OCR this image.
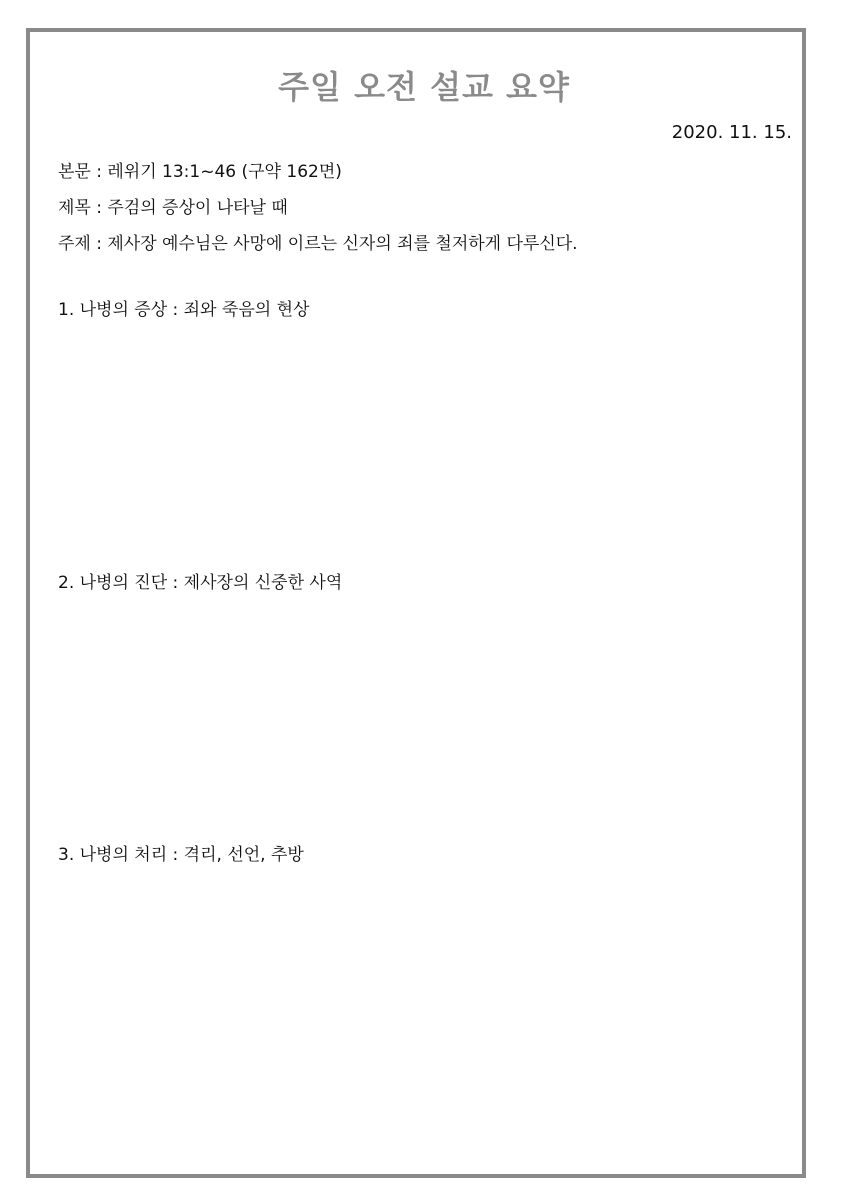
주일 오전 설교 요약
2020. 11. 15.
본문 : 레위기 13:1~46 (구약 162면)
제목 : 주검의 증상이 나타날 때
주제 : 제사장 예수님은 사망에 이르는 신자의 죄를 철저하게 다루신다.
1. 나병의 증상 : 죄와 죽음의 현상
2. 나병의 진단 : 제사장의 신중한 사역
3. 나병의 처리 : 격리, 선언, 추방
